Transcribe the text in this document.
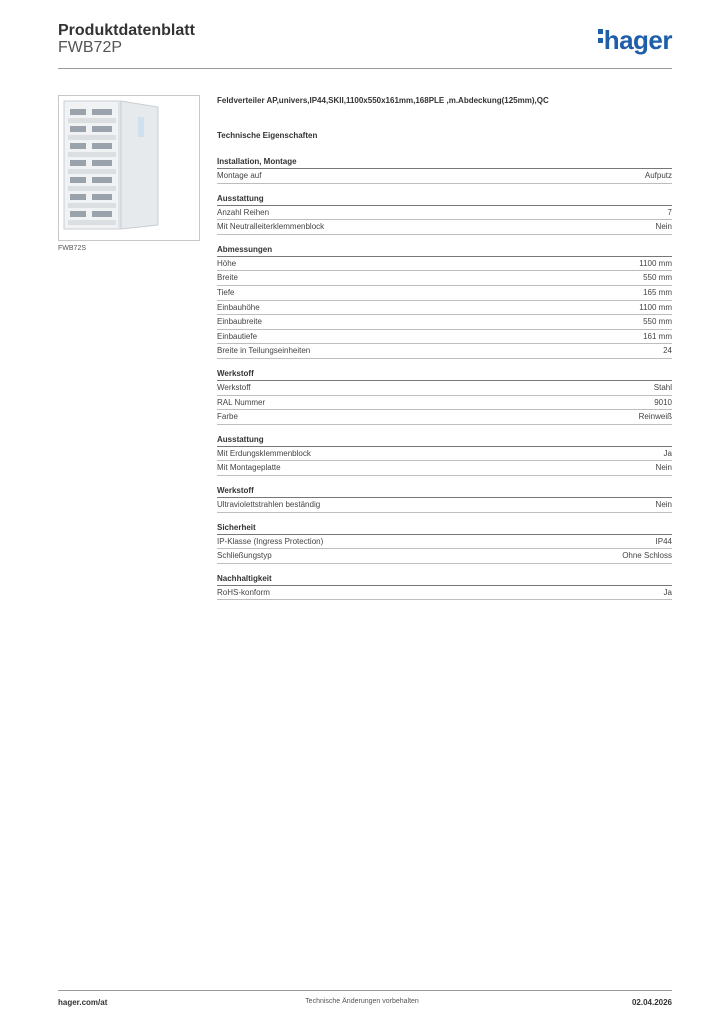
Produktdatenblatt
FWB72P	hager
FWB72S
Feldverteiler AP,univers,IP44,SKII,1100x550x161mm,168PLE ,m.Abdeckung(125mm),QC
Technische Eigenschaften
Installation, Montage
Montage auf	Aufputz
Ausstattung
Anzahl Reihen	7
Mit Neutralleiterklemmenblock	Nein
Abmessungen
Höhe	1100 mm
Breite	550 mm
Tiefe	165 mm
Einbauhöhe	1100 mm
Einbaubreite	550 mm
Einbautiefe	161 mm
Breite in Teilungseinheiten	24
Werkstoff
Werkstoff	Stahl
RAL Nummer	9010
Farbe	Reinweiß
Ausstattung
Mit Erdungsklemmenblock	Ja
Mit Montageplatte	Nein
Werkstoff
Ultraviolettstrahlen beständig	Nein
Sicherheit
IP-Klasse (Ingress Protection)	IP44
Schließungstyp	Ohne Schloss
Nachhaltigkeit
RoHS-konform	Ja
hager.com/at	Technische Änderungen vorbehalten	02.04.2026
